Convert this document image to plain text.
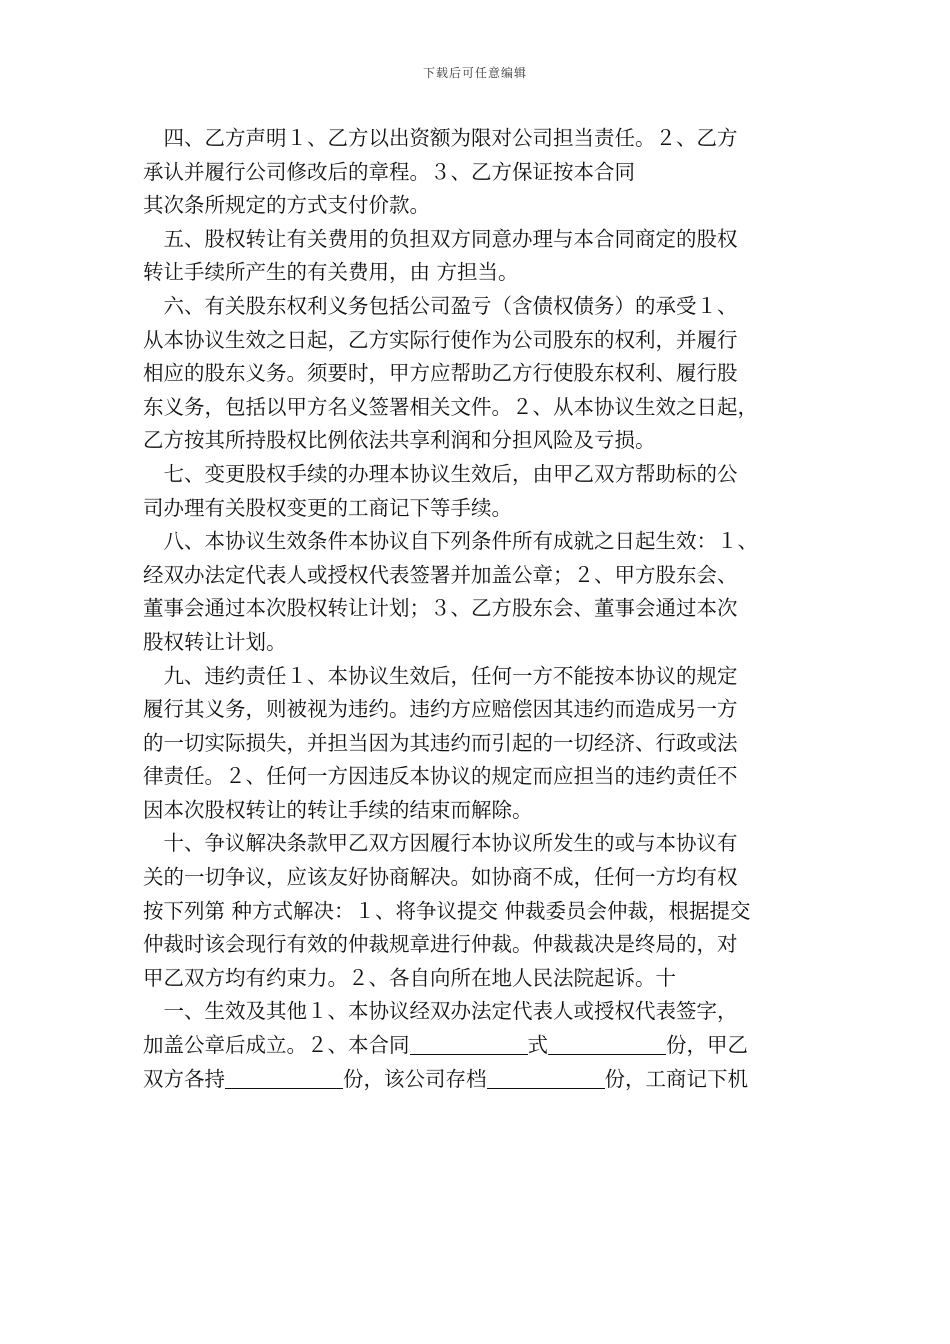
下载后可任意编辑
　四、乙方声明１、乙方以出资额为限对公司担当责任。２、乙方
承认并履行公司修改后的章程。３、乙方保证按本合同
其次条所规定的方式支付价款。
　五、股权转让有关费用的负担双方同意办理与本合同商定的股权
转让手续所产生的有关费用，由 方担当。
　六、有关股东权利义务包括公司盈亏（含债权债务）的承受１、
从本协议生效之日起，乙方实际行使作为公司股东的权利，并履行
相应的股东义务。须要时，甲方应帮助乙方行使股东权利、履行股
东义务，包括以甲方名义签署相关文件。２、从本协议生效之日起，
乙方按其所持股权比例依法共享利润和分担风险及亏损。
　七、变更股权手续的办理本协议生效后，由甲乙双方帮助标的公
司办理有关股权变更的工商记下等手续。
　八、本协议生效条件本协议自下列条件所有成就之日起生效：１、
经双办法定代表人或授权代表签署并加盖公章；２、甲方股东会、
董事会通过本次股权转让计划；３、乙方股东会、董事会通过本次
股权转让计划。
　九、违约责任１、本协议生效后，任何一方不能按本协议的规定
履行其义务，则被视为违约。违约方应赔偿因其违约而造成另一方
的一切实际损失，并担当因为其违约而引起的一切经济、行政或法
律责任。２、任何一方因违反本协议的规定而应担当的违约责任不
因本次股权转让的转让手续的结束而解除。
　十、争议解决条款甲乙双方因履行本协议所发生的或与本协议有
关的一切争议，应该友好协商解决。如协商不成，任何一方均有权
按下列第 种方式解决：１、将争议提交 仲裁委员会仲裁，根据提交
仲裁时该会现行有效的仲裁规章进行仲裁。仲裁裁决是终局的，对
甲乙双方均有约束力。２、各自向所在地人民法院起诉。十
　一、生效及其他１、本协议经双办法定代表人或授权代表签字，
加盖公章后成立。２、本合同	式	份，甲乙
双方各持	份，该公司存档	份，工商记下机
